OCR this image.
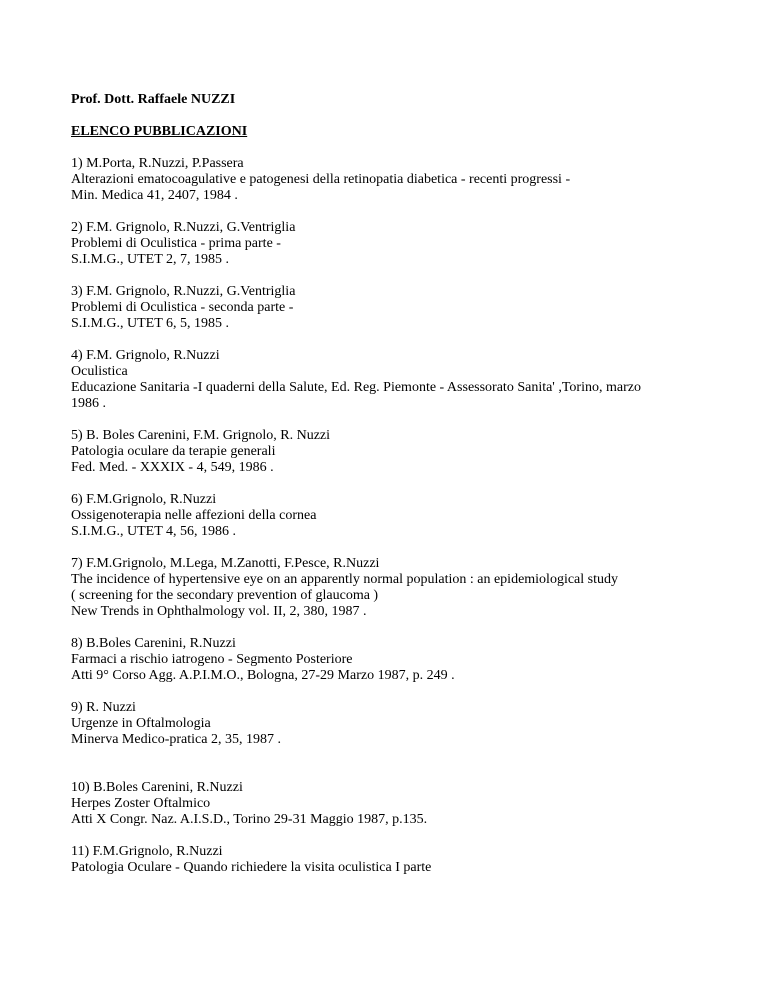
Prof. Dott. Raffaele NUZZI
ELENCO PUBBLICAZIONI
1) M.Porta, R.Nuzzi, P.Passera
Alterazioni ematocoagulative e patogenesi della retinopatia diabetica - recenti progressi -
Min. Medica 41, 2407, 1984 .
2) F.M. Grignolo, R.Nuzzi, G.Ventriglia
Problemi di Oculistica - prima parte -
S.I.M.G., UTET 2, 7, 1985 .
3) F.M. Grignolo, R.Nuzzi, G.Ventriglia
Problemi di Oculistica - seconda parte -
S.I.M.G., UTET 6, 5, 1985 .
4) F.M. Grignolo, R.Nuzzi
Oculistica
Educazione Sanitaria -I quaderni della Salute, Ed. Reg. Piemonte - Assessorato Sanita' ,Torino, marzo
1986 .
5) B. Boles Carenini, F.M. Grignolo, R. Nuzzi
Patologia oculare da terapie generali
Fed. Med. - XXXIX - 4, 549, 1986 .
6) F.M.Grignolo, R.Nuzzi
Ossigenoterapia nelle affezioni della cornea
S.I.M.G., UTET 4, 56, 1986 .
7) F.M.Grignolo, M.Lega, M.Zanotti, F.Pesce, R.Nuzzi
The incidence of hypertensive eye on an apparently normal population : an epidemiological study
( screening for the secondary prevention of glaucoma )
New Trends in Ophthalmology vol. II, 2, 380, 1987 .
8) B.Boles Carenini, R.Nuzzi
Farmaci a rischio iatrogeno - Segmento Posteriore
Atti 9° Corso Agg. A.P.I.M.O., Bologna, 27-29 Marzo 1987, p. 249 .
9) R. Nuzzi
Urgenze in Oftalmologia
Minerva Medico-pratica 2, 35, 1987 .
10) B.Boles Carenini, R.Nuzzi
Herpes Zoster Oftalmico
Atti X Congr. Naz. A.I.S.D., Torino 29-31 Maggio 1987, p.135.
11) F.M.Grignolo, R.Nuzzi
Patologia Oculare - Quando richiedere la visita oculistica I parte
